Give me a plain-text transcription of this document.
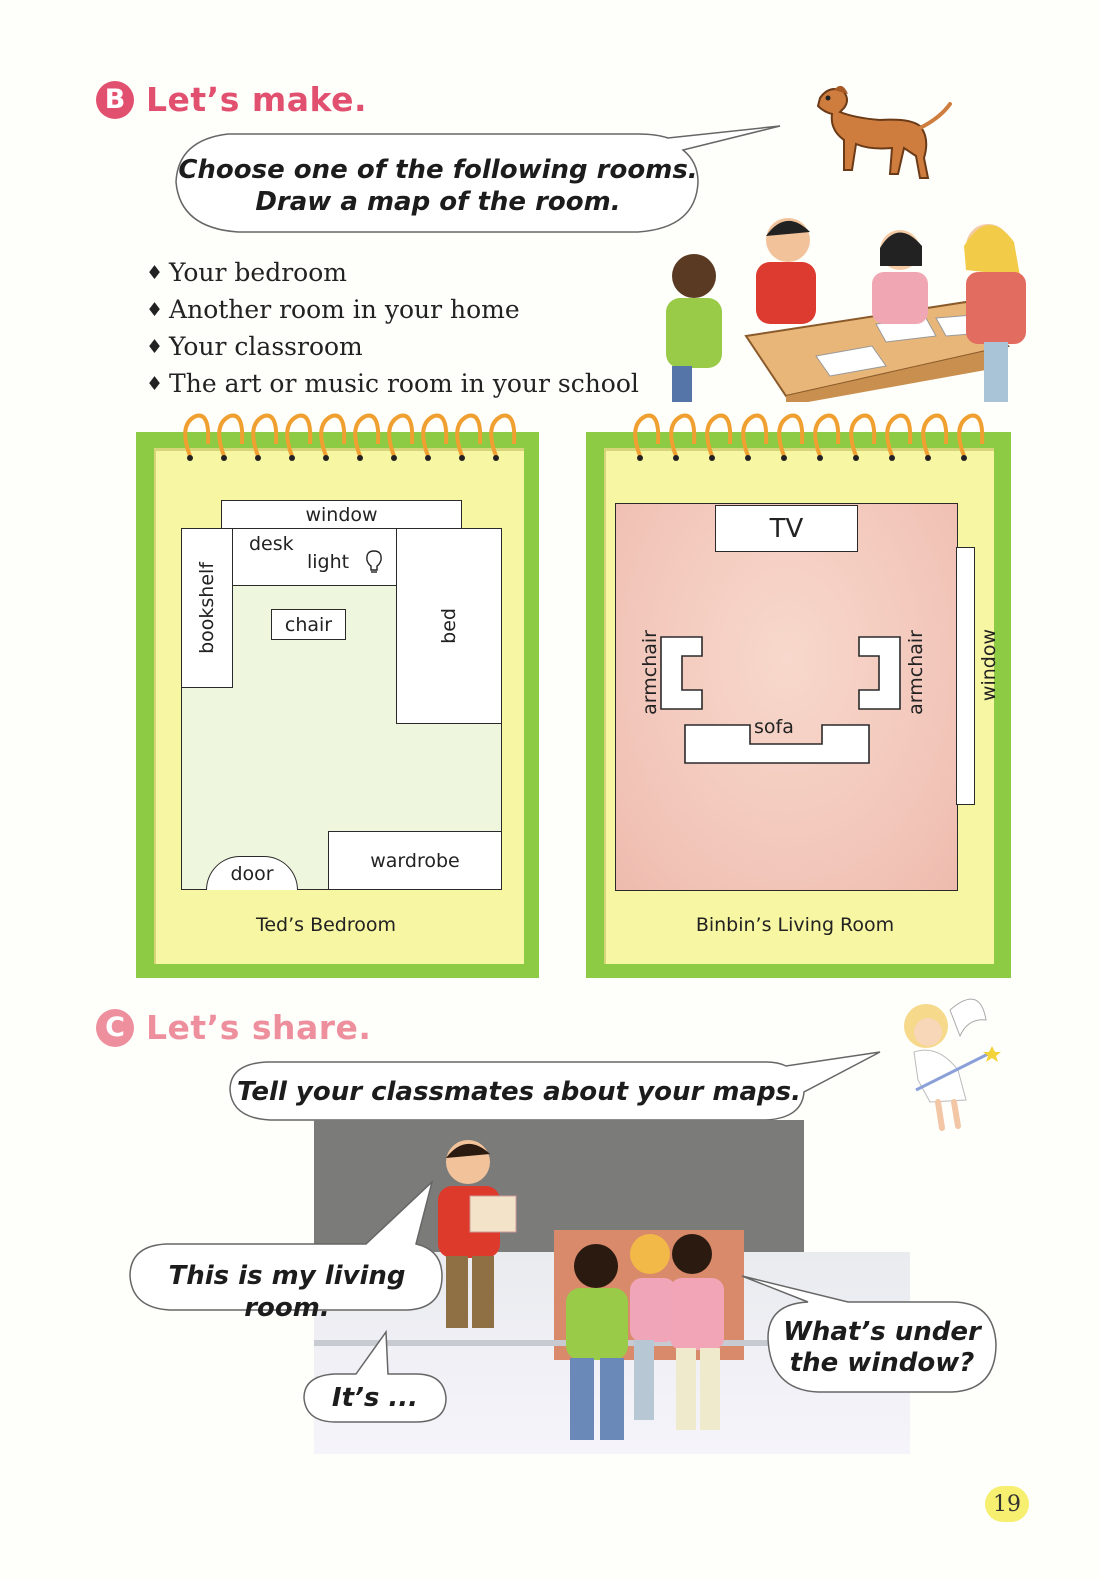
B Let’s make.
Choose one of the following rooms.
Draw a map of the room.
♦ Your bedroom
♦ Another room in your home
♦ Your classroom
♦ The art or music room in your school
window
desk
light
bookshelf	chair	bed
wardrobe
door
Ted’s Bedroom
TV
window
armchair	armchair
sofa
Binbin’s Living Room
C Let’s share.
Tell your classmates about your maps.
This is my living room.
What’s under
the window?
It’s ...
19
